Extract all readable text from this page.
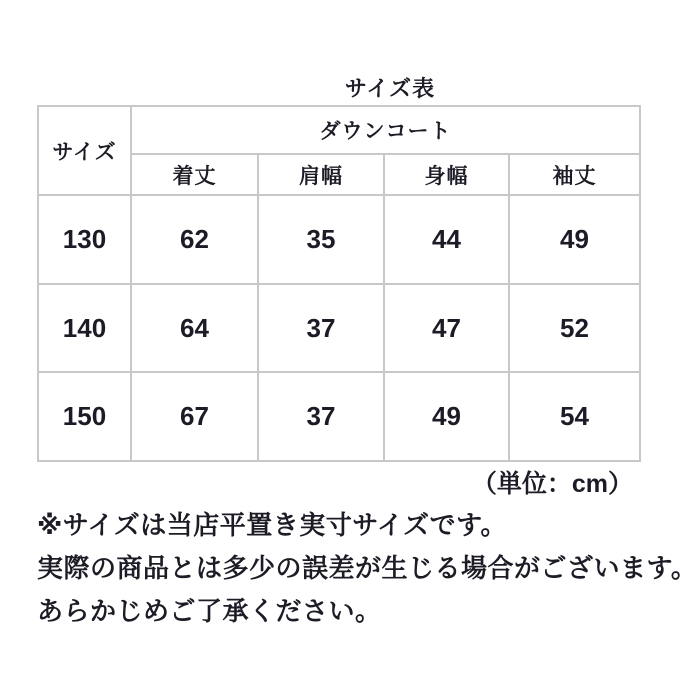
サイズ表
サイズ	ダウンコート			
	着丈	肩幅	身幅	袖丈
130	62	35	44	49
140	64	37	47	52
150	67	37	49	54
（単位：cm）
※サイズは当店平置き実寸サイズです。
実際の商品とは多少の誤差が生じる場合がございます。
あらかじめご了承ください。
